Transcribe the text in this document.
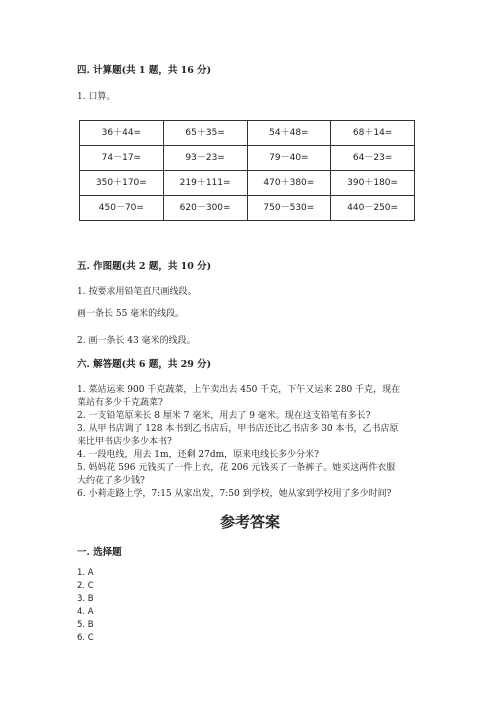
四. 计算题(共 1 题，共 16 分)
1. 口算。
36＋44=	65＋35=	54＋48=	68＋14=
74－17=	93－23=	79－40=	64－23=
350＋170=	219＋111=	470＋380=	390＋180=
450－70=	620－300=	750－530=	440－250=
五. 作图题(共 2 题，共 10 分)
1. 按要求用铅笔直尺画线段。
画一条长 55 毫米的线段。
2. 画一条长 43 毫米的线段。
六. 解答题(共 6 题，共 29 分)
1. 菜站运来 900 千克蔬菜，上午卖出去 450 千克，下午又运来 280 千克，现在
菜站有多少千克蔬菜?
2. 一支铅笔原来长 8 厘米 7 毫米，用去了 9 毫米。现在这支铅笔有多长?
3. 从甲书店调了 128 本书到乙书店后，甲书店还比乙书店多 30 本书，乙书店原
来比甲书店少多少本书?
4. 一段电线，用去 1m，还剩 27dm，原来电线长多少分米?
5. 妈妈花 596 元钱买了一件上衣，花 206 元钱买了一条裤子。她买这两件衣服
大约花了多少钱?
6. 小莉走路上学，7:15 从家出发，7:50 到学校，她从家到学校用了多少时间?
参考答案
一. 选择题
1. A
2. C
3. B
4. A
5. B
6. C
